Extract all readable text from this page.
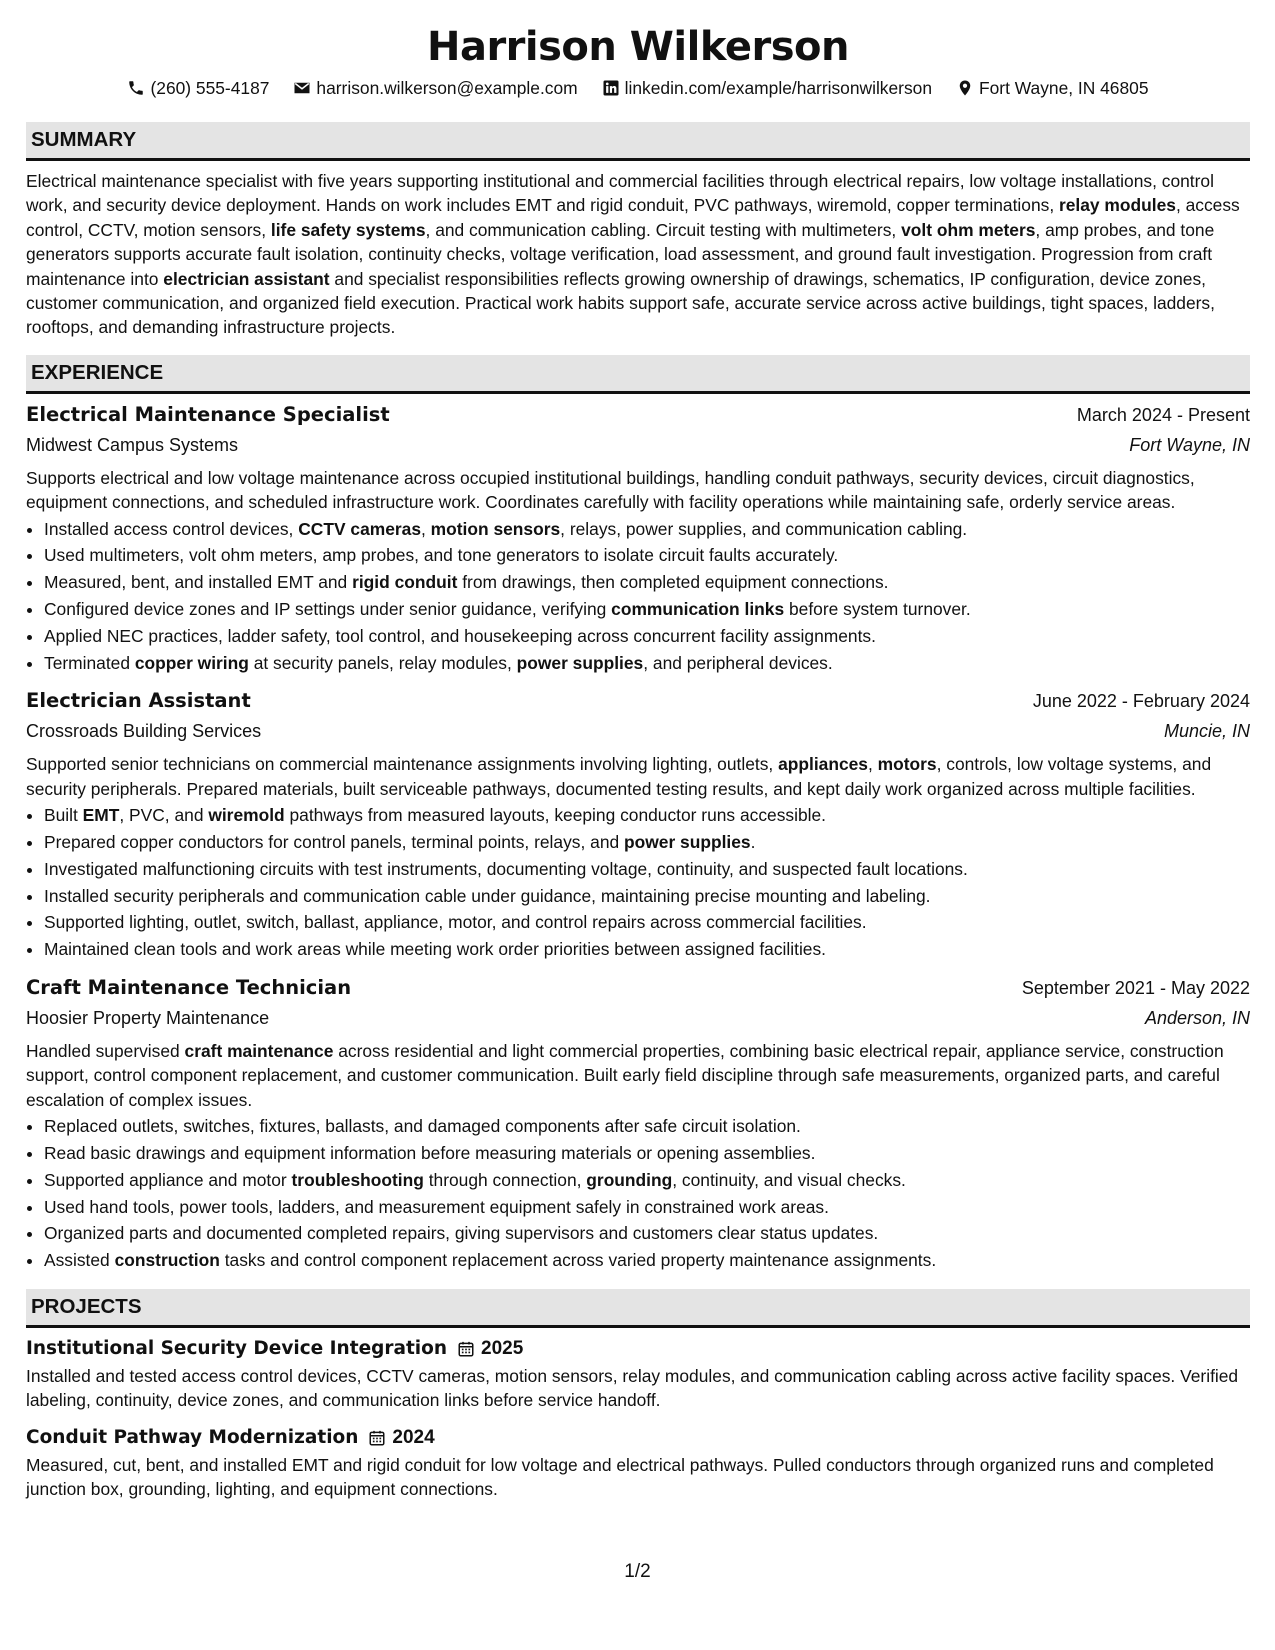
Harrison Wilkerson
(260) 555-4187	harrison.wilkerson@example.com	linkedin.com/example/harrisonwilkerson	Fort Wayne, IN 46805
SUMMARY

Electrical maintenance specialist with five years supporting institutional and commercial facilities through electrical repairs, low voltage installations, control work, and security device deployment. Hands on work includes EMT and rigid conduit, PVC pathways, wiremold, copper terminations, relay modules, access control, CCTV, motion sensors, life safety systems, and communication cabling. Circuit testing with multimeters, volt ohm meters, amp probes, and tone generators supports accurate fault isolation, continuity checks, voltage verification, load assessment, and ground fault investigation. Progression from craft maintenance into electrician assistant and specialist responsibilities reflects growing ownership of drawings, schematics, IP configuration, device zones, customer communication, and organized field execution. Practical work habits support safe, accurate service across active buildings, tight spaces, ladders, rooftops, and demanding infrastructure projects.

EXPERIENCE
Electrical Maintenance Specialist	March 2024 - Present
Midwest Campus Systems	Fort Wayne, IN

Supports electrical and low voltage maintenance across occupied institutional buildings, handling conduit pathways, security devices, circuit diagnostics, equipment connections, and scheduled infrastructure work. Coordinates carefully with facility operations while maintaining safe, orderly service areas.

• Installed access control devices, CCTV cameras, motion sensors, relays, power supplies, and communication cabling.
• Used multimeters, volt ohm meters, amp probes, and tone generators to isolate circuit faults accurately.
• Measured, bent, and installed EMT and rigid conduit from drawings, then completed equipment connections.
• Configured device zones and IP settings under senior guidance, verifying communication links before system turnover.
• Applied NEC practices, ladder safety, tool control, and housekeeping across concurrent facility assignments.
• Terminated copper wiring at security panels, relay modules, power supplies, and peripheral devices.
Electrician Assistant	June 2022 - February 2024
Crossroads Building Services	Muncie, IN

Supported senior technicians on commercial maintenance assignments involving lighting, outlets, appliances, motors, controls, low voltage systems, and security peripherals. Prepared materials, built serviceable pathways, documented testing results, and kept daily work organized across multiple facilities.

• Built EMT, PVC, and wiremold pathways from measured layouts, keeping conductor runs accessible.
• Prepared copper conductors for control panels, terminal points, relays, and power supplies.
• Investigated malfunctioning circuits with test instruments, documenting voltage, continuity, and suspected fault locations.
• Installed security peripherals and communication cable under guidance, maintaining precise mounting and labeling.
• Supported lighting, outlet, switch, ballast, appliance, motor, and control repairs across commercial facilities.
• Maintained clean tools and work areas while meeting work order priorities between assigned facilities.
Craft Maintenance Technician	September 2021 - May 2022
Hoosier Property Maintenance	Anderson, IN

Handled supervised craft maintenance across residential and light commercial properties, combining basic electrical repair, appliance service, construction support, control component replacement, and customer communication. Built early field discipline through safe measurements, organized parts, and careful escalation of complex issues.

• Replaced outlets, switches, fixtures, ballasts, and damaged components after safe circuit isolation.
• Read basic drawings and equipment information before measuring materials or opening assemblies.
• Supported appliance and motor troubleshooting through connection, grounding, continuity, and visual checks.
• Used hand tools, power tools, ladders, and measurement equipment safely in constrained work areas.
• Organized parts and documented completed repairs, giving supervisors and customers clear status updates.
• Assisted construction tasks and control component replacement across varied property maintenance assignments.
PROJECTS
Institutional Security Device Integration 2025

Installed and tested access control devices, CCTV cameras, motion sensors, relay modules, and communication cabling across active facility spaces. Verified labeling, continuity, device zones, and communication links before service handoff.

Conduit Pathway Modernization 2024

Measured, cut, bent, and installed EMT and rigid conduit for low voltage and electrical pathways. Pulled conductors through organized runs and completed junction box, grounding, lighting, and equipment connections.

1/2
